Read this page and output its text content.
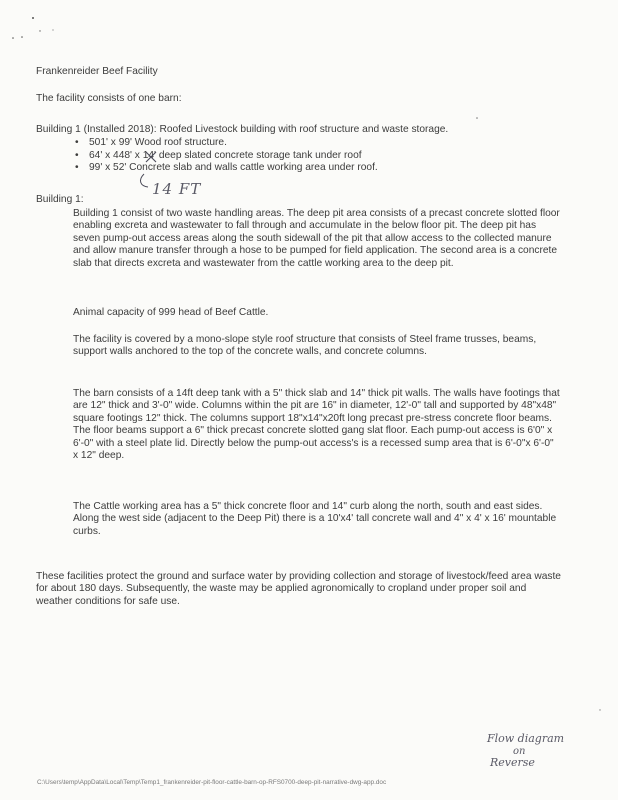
Frankenreider Beef Facility
The facility consists of one barn:
Building 1 (Installed 2018): Roofed Livestock building with roof structure and waste storage.
• 501' x 99' Wood roof structure.
• 64' x 448' x 14' deep slated concrete storage tank under roof
• 99' x 52' Concrete slab and walls cattle working area under roof.
14 FT
Building 1:
Building 1 consist of two waste handling areas. The deep pit area consists of a precast concrete slotted floor enabling excreta and wastewater to fall through and accumulate in the below floor pit. The deep pit has seven pump-out access areas along the south sidewall of the pit that allow access to the collected manure and allow manure transfer through a hose to be pumped for field application. The second area is a concrete slab that directs excreta and wastewater from the cattle working area to the deep pit.
Animal capacity of 999 head of Beef Cattle.
The facility is covered by a mono-slope style roof structure that consists of Steel frame trusses, beams, support walls anchored to the top of the concrete walls, and concrete columns.
The barn consists of a 14ft deep tank with a 5" thick slab and 14" thick pit walls. The walls have footings that are 12" thick and 3'-0" wide. Columns within the pit are 16" in diameter, 12'-0" tall and supported by 48"x48" square footings 12" thick. The columns support 18"x14"x20ft long precast pre-stress concrete floor beams. The floor beams support a 6" thick precast concrete slotted gang slat floor. Each pump-out access is 6'0" x 6'-0" with a steel plate lid. Directly below the pump-out access's is a recessed sump area that is 6'-0"x 6'-0" x 12" deep.
The Cattle working area has a 5" thick concrete floor and 14" curb along the north, south and east sides. Along the west side (adjacent to the Deep Pit) there is a 10'x4' tall concrete wall and 4" x 4' x 16' mountable curbs.
These facilities protect the ground and surface water by providing collection and storage of livestock/feed area waste for about 180 days. Subsequently, the waste may be applied agronomically to cropland under proper soil and weather conditions for safe use.
Flow diagram
on
Reverse
C:\Users\temp\AppData\Local\Temp\Temp1_frankenreider-pit-floor-cattle-barn-op-RFS0700-deep-pit-narrative-dwg-app.doc
